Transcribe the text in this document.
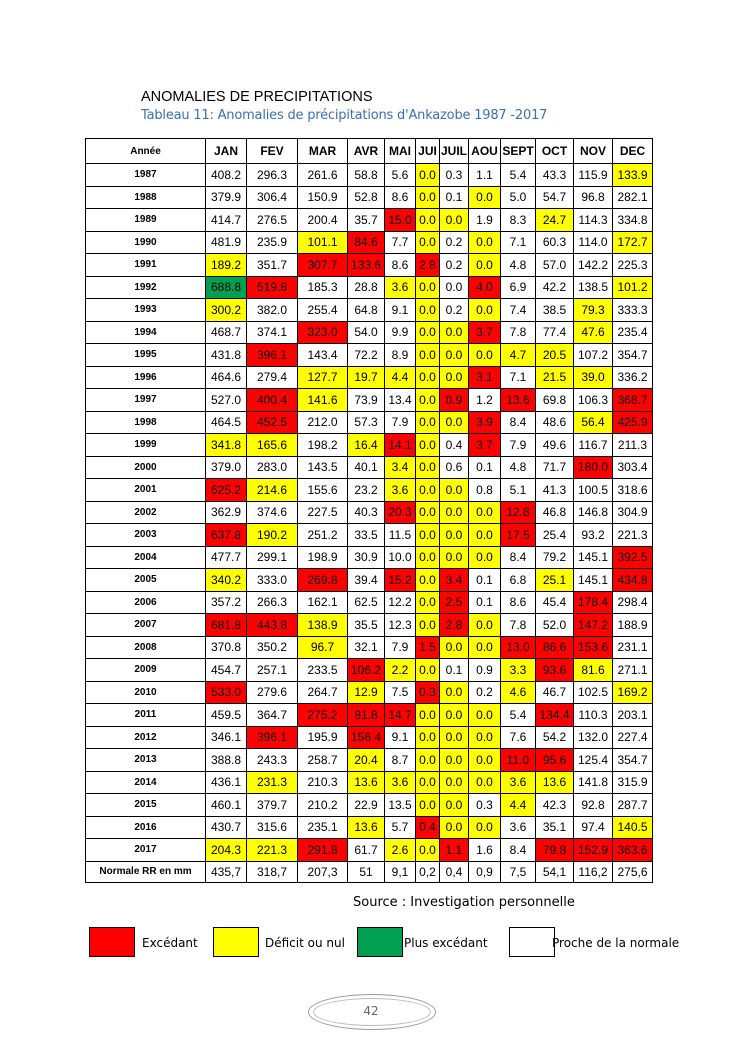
ANOMALIES DE PRECIPITATIONS
Tableau 11: Anomalies de précipitations d'Ankazobe 1987 -2017
Année	JAN	FEV	MAR	AVR	MAI	JUI	JUIL	AOU	SEPT	OCT	NOV	DEC
1987	408.2	296.3	261.6	58.8	5.6	0.0	0.3	1.1	5.4	43.3	115.9	133.9
1988	379.9	306.4	150.9	52.8	8.6	0.0	0.1	0.0	5.0	54.7	96.8	282.1
1989	414.7	276.5	200.4	35.7	15.0	0.0	0.0	1.9	8.3	24.7	114.3	334.8
1990	481.9	235.9	101.1	84.6	7.7	0.0	0.2	0.0	7.1	60.3	114.0	172.7
1991	189.2	351.7	307.7	133.6	8.6	2.8	0.2	0.0	4.8	57.0	142.2	225.3
1992	688.8	519.8	185.3	28.8	3.6	0.0	0.0	4.0	6.9	42.2	138.5	101.2
1993	300.2	382.0	255.4	64.8	9.1	0.0	0.2	0.0	7.4	38.5	79.3	333.3
1994	468.7	374.1	323.0	54.0	9.9	0.0	0.0	3.7	7.8	77.4	47.6	235.4
1995	431.8	396.1	143.4	72.2	8.9	0.0	0.0	0.0	4.7	20.5	107.2	354.7
1996	464.6	279.4	127.7	19.7	4.4	0.0	0.0	3.1	7.1	21.5	39.0	336.2
1997	527.0	400.4	141.6	73.9	13.4	0.0	0.9	1.2	13.6	69.8	106.3	368.7
1998	464.5	452.5	212.0	57.3	7.9	0.0	0.0	3.9	8.4	48.6	56.4	425.9
1999	341.8	165.6	198.2	16.4	14.1	0.0	0.4	3.7	7.9	49.6	116.7	211.3
2000	379.0	283.0	143.5	40.1	3.4	0.0	0.6	0.1	4.8	71.7	180.0	303.4
2001	625.2	214.6	155.6	23.2	3.6	0.0	0.0	0.8	5.1	41.3	100.5	318.6
2002	362.9	374.6	227.5	40.3	20.3	0.0	0.0	0.0	12.8	46.8	146.8	304.9
2003	637.8	190.2	251.2	33.5	11.5	0.0	0.0	0.0	17.5	25.4	93.2	221.3
2004	477.7	299.1	198.9	30.9	10.0	0.0	0.0	0.0	8.4	79.2	145.1	392.5
2005	340.2	333.0	269.8	39.4	15.2	0.0	3.4	0.1	6.8	25.1	145.1	434.8
2006	357.2	266.3	162.1	62.5	12.2	0.0	2.5	0.1	8.6	45.4	178.4	298.4
2007	681.8	443.8	138.9	35.5	12.3	0.0	2.8	0.0	7.8	52.0	147.2	188.9
2008	370.8	350.2	96.7	32.1	7.9	1.5	0.0	0.0	13.0	86.6	153.6	231.1
2009	454.7	257.1	233.5	106.2	2.2	0.0	0.1	0.9	3.3	93.6	81.6	271.1
2010	533.0	279.6	264.7	12.9	7.5	0.3	0.0	0.2	4.6	46.7	102.5	169.2
2011	459.5	364.7	275.2	81.8	14.7	0.0	0.0	0.0	5.4	134.4	110.3	203.1
2012	346.1	396.1	195.9	156.4	9.1	0.0	0.0	0.0	7.6	54.2	132.0	227.4
2013	388.8	243.3	258.7	20.4	8.7	0.0	0.0	0.0	11.0	95.6	125.4	354.7
2014	436.1	231.3	210.3	13.6	3.6	0.0	0.0	0.0	3.6	13.6	141.8	315.9
2015	460.1	379.7	210.2	22.9	13.5	0.0	0.0	0.3	4.4	42.3	92.8	287.7
2016	430.7	315.6	235.1	13.6	5.7	0.4	0.0	0.0	3.6	35.1	97.4	140.5
2017	204.3	221.3	291.8	61.7	2.6	0.0	1.1	1.6	8.4	79.8	152.9	363.6
Normale RR en mm	435,7	318,7	207,3	51	9,1	0,2	0,4	0,9	7,5	54,1	116,2	275,6
Source : Investigation personnelle
Excédant	Déficit ou nul	Plus excédant	Proche de la normale
42
